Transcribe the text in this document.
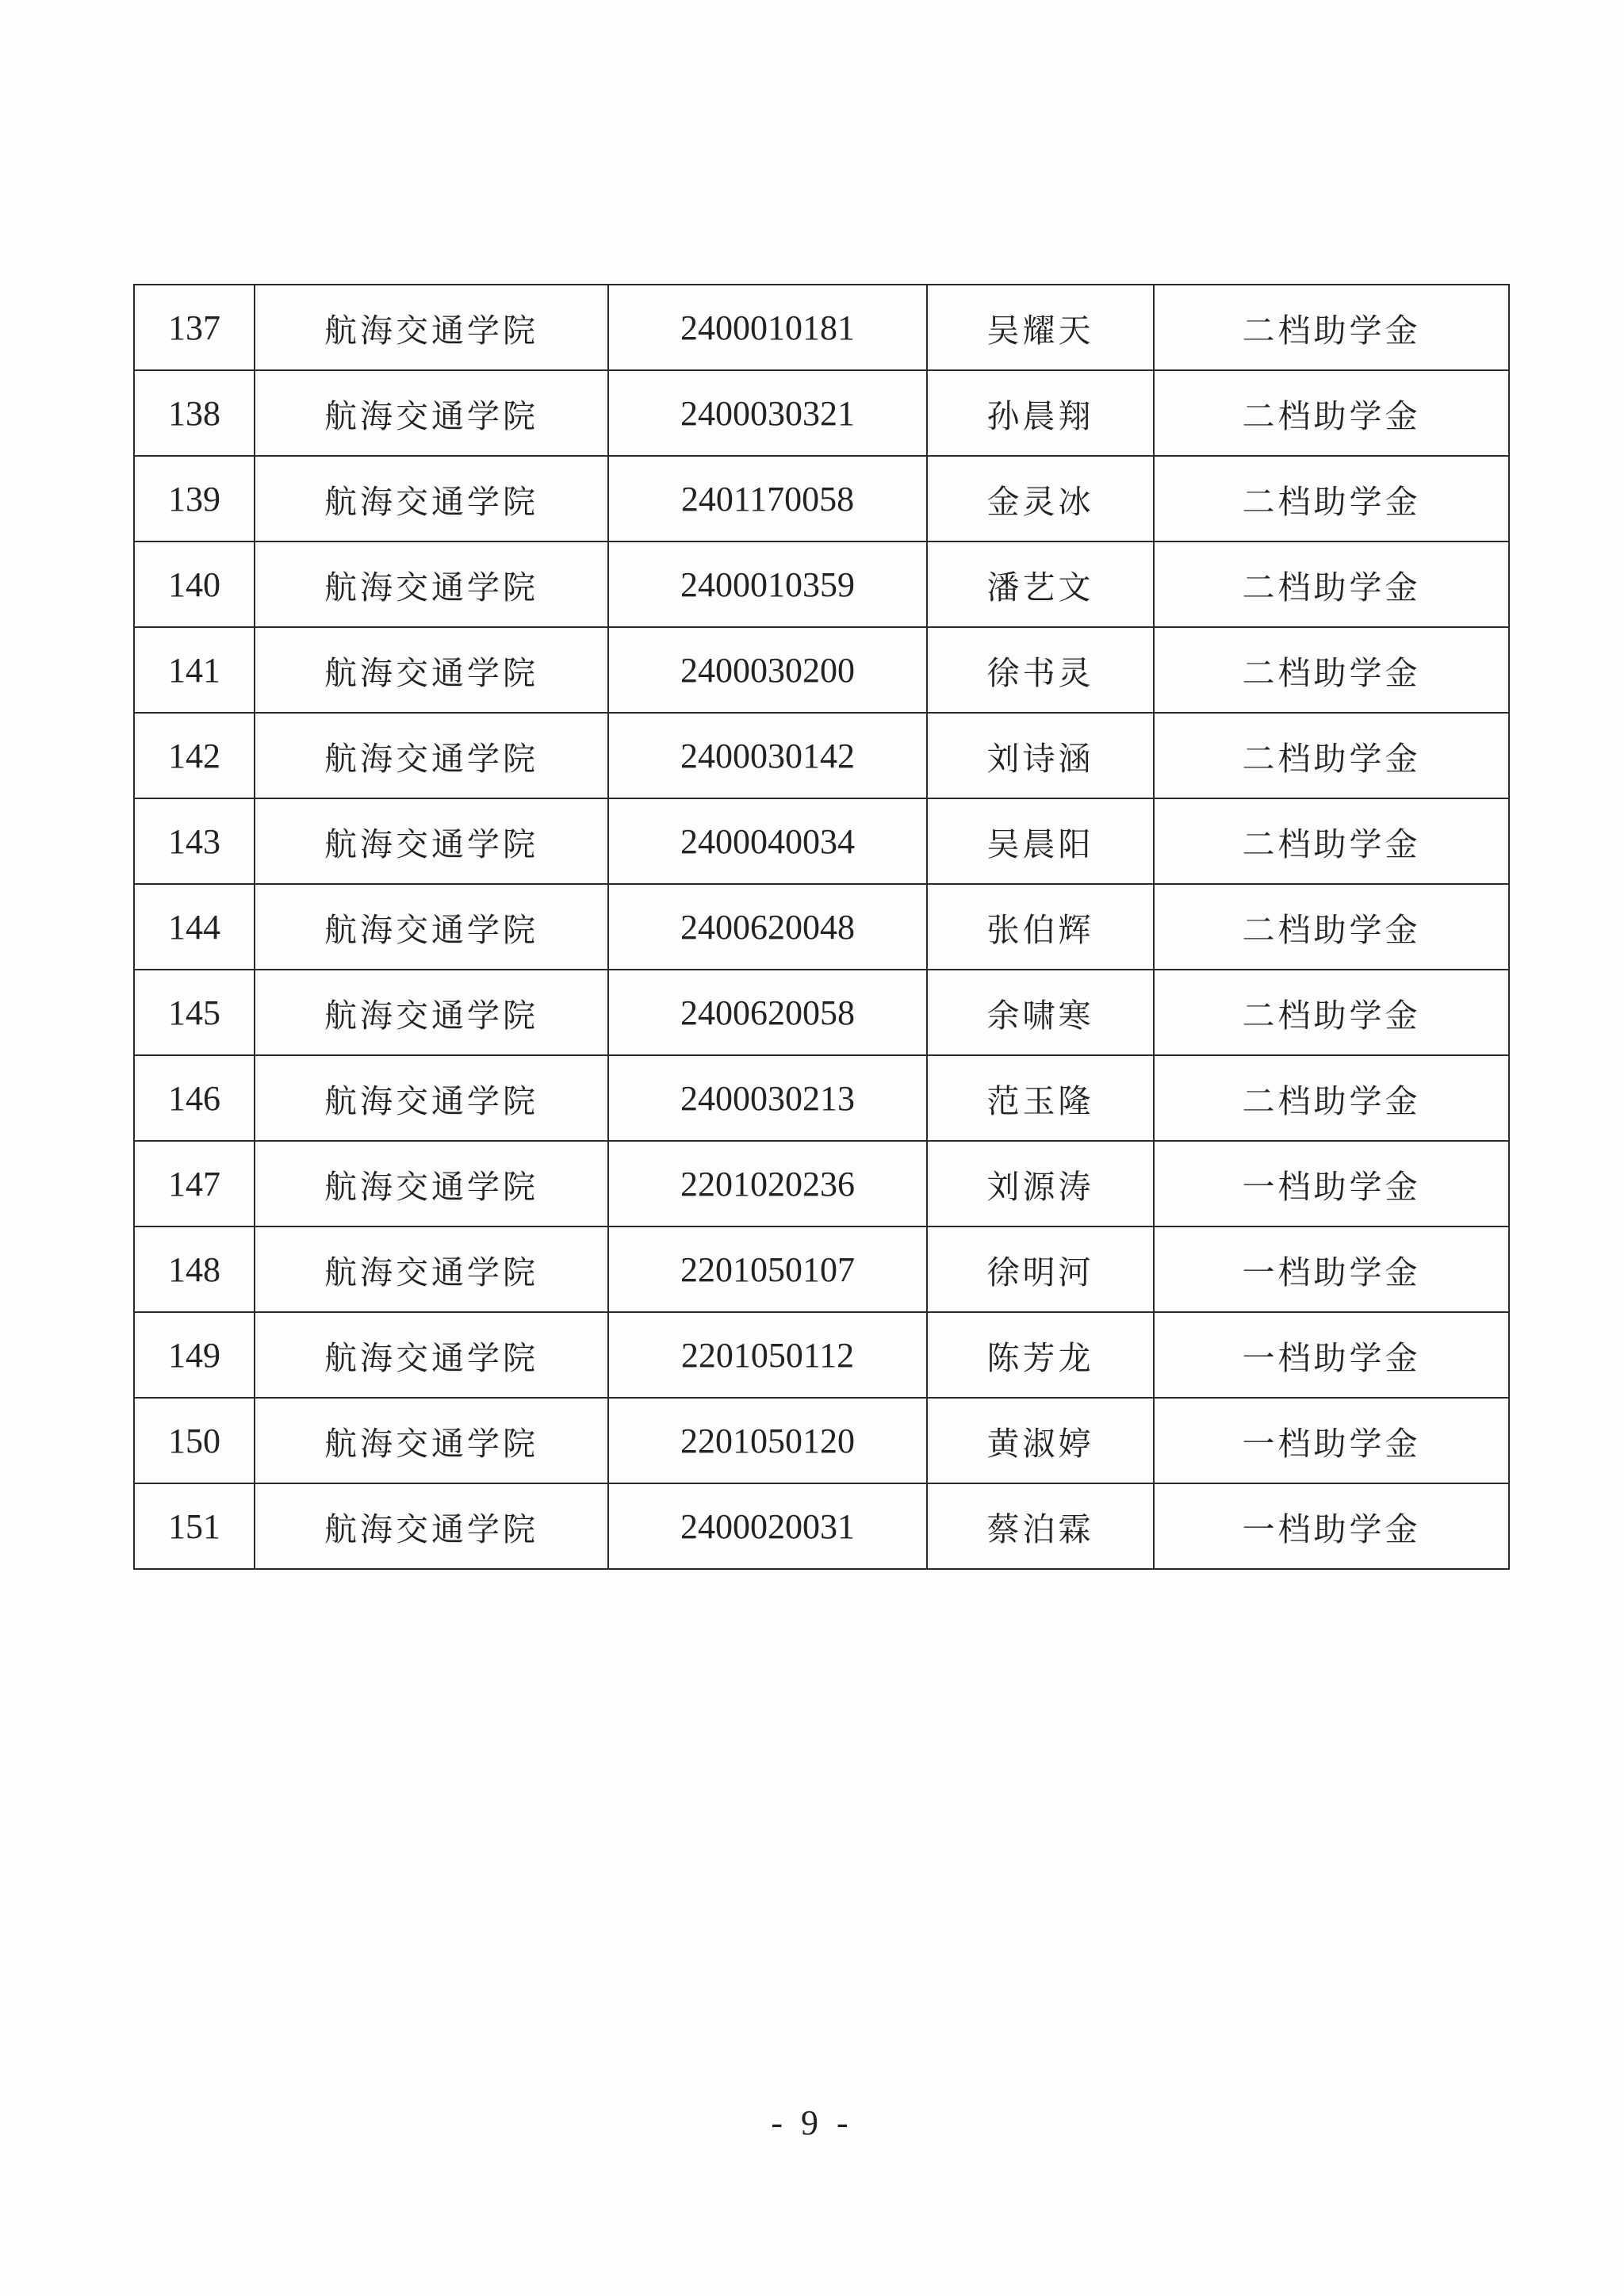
137	航海交通学院	2400010181	吴耀天	二档助学金
138	航海交通学院	2400030321	孙晨翔	二档助学金
139	航海交通学院	2401170058	金灵冰	二档助学金
140	航海交通学院	2400010359	潘艺文	二档助学金
141	航海交通学院	2400030200	徐书灵	二档助学金
142	航海交通学院	2400030142	刘诗涵	二档助学金
143	航海交通学院	2400040034	吴晨阳	二档助学金
144	航海交通学院	2400620048	张伯辉	二档助学金
145	航海交通学院	2400620058	余啸寒	二档助学金
146	航海交通学院	2400030213	范玉隆	二档助学金
147	航海交通学院	2201020236	刘源涛	一档助学金
148	航海交通学院	2201050107	徐明河	一档助学金
149	航海交通学院	2201050112	陈芳龙	一档助学金
150	航海交通学院	2201050120	黄淑婷	一档助学金
151	航海交通学院	2400020031	蔡泊霖	一档助学金
- 9 -
